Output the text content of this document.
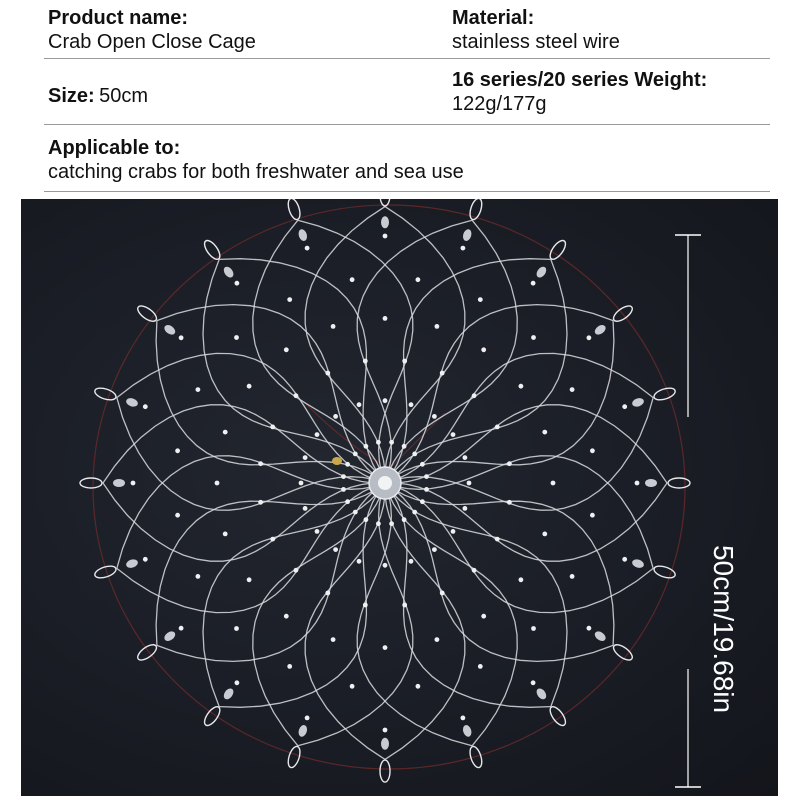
Product name:
Crab Open Close Cage
Material:
stainless steel wire
Size: 50cm
16 series/20 series Weight:
122g/177g
Applicable to:
catching crabs for both freshwater and sea use
50cm/19.68in
